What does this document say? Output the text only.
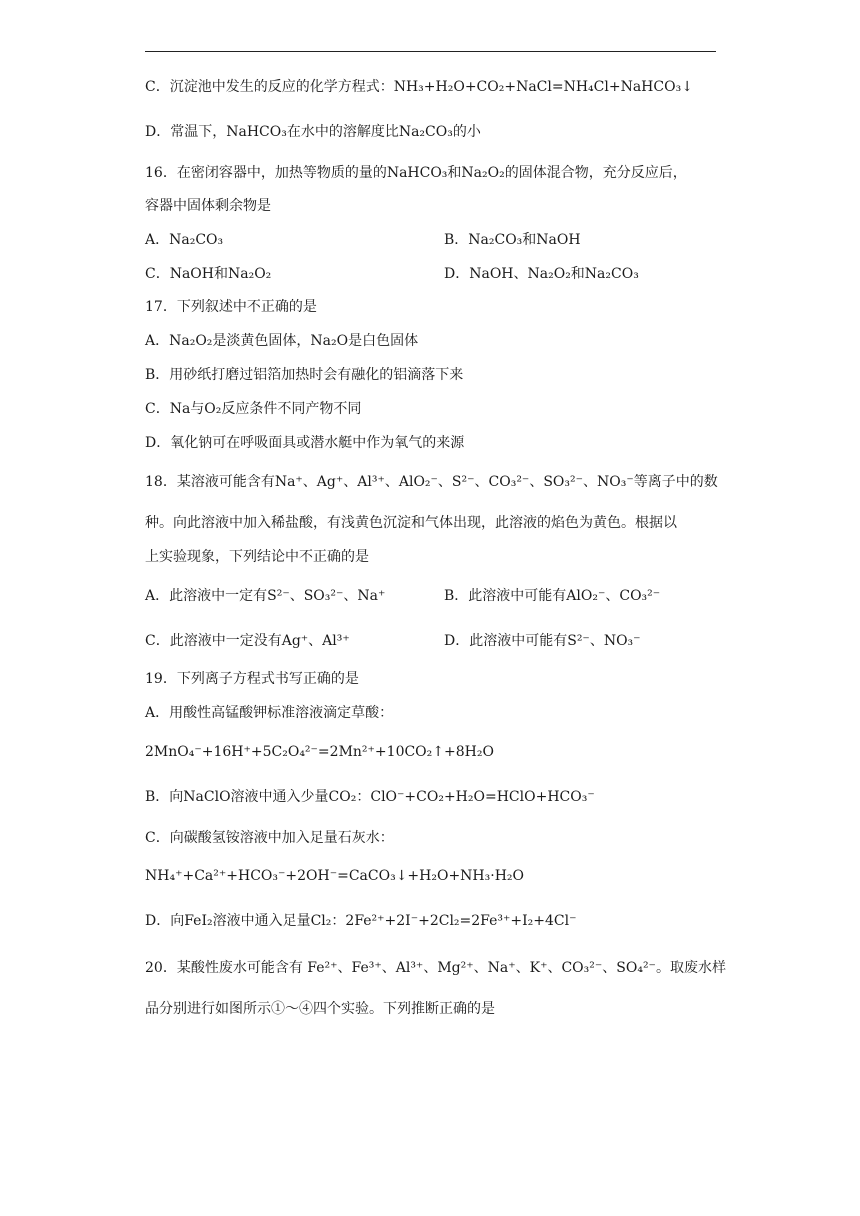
C．沉淀池中发生的反应的化学方程式：NH₃+H₂O+CO₂+NaCl=NH₄Cl+NaHCO₃↓
D．常温下，NaHCO₃在水中的溶解度比Na₂CO₃的小
16．在密闭容器中，加热等物质的量的NaHCO₃和Na₂O₂的固体混合物，充分反应后，
容器中固体剩余物是
A．Na₂CO₃	B．Na₂CO₃和NaOH
C．NaOH和Na₂O₂	D．NaOH、Na₂O₂和Na₂CO₃
17．下列叙述中不正确的是
A．Na₂O₂是淡黄色固体，Na₂O是白色固体
B．用砂纸打磨过铝箔加热时会有融化的铝滴落下来
C．Na与O₂反应条件不同产物不同
D．氧化钠可在呼吸面具或潜水艇中作为氧气的来源
18．某溶液可能含有Na⁺、Ag⁺、Al³⁺、AlO₂⁻、S²⁻、CO₃²⁻、SO₃²⁻、NO₃⁻等离子中的数
种。向此溶液中加入稀盐酸，有浅黄色沉淀和气体出现，此溶液的焰色为黄色。根据以
上实验现象，下列结论中不正确的是
A．此溶液中一定有S²⁻、SO₃²⁻、Na⁺	B．此溶液中可能有AlO₂⁻、CO₃²⁻
C．此溶液中一定没有Ag⁺、Al³⁺	D．此溶液中可能有S²⁻、NO₃⁻
19．下列离子方程式书写正确的是
A．用酸性高锰酸钾标准溶液滴定草酸：
2MnO₄⁻+16H⁺+5C₂O₄²⁻=2Mn²⁺+10CO₂↑+8H₂O
B．向NaClO溶液中通入少量CO₂：ClO⁻+CO₂+H₂O=HClO+HCO₃⁻
C．向碳酸氢铵溶液中加入足量石灰水：
NH₄⁺+Ca²⁺+HCO₃⁻+2OH⁻=CaCO₃↓+H₂O+NH₃·H₂O
D．向FeI₂溶液中通入足量Cl₂：2Fe²⁺+2I⁻+2Cl₂=2Fe³⁺+I₂+4Cl⁻
20．某酸性废水可能含有 Fe²⁺、Fe³⁺、Al³⁺、Mg²⁺、Na⁺、K⁺、CO₃²⁻、SO₄²⁻。取废水样
品分别进行如图所示①～④四个实验。下列推断正确的是
